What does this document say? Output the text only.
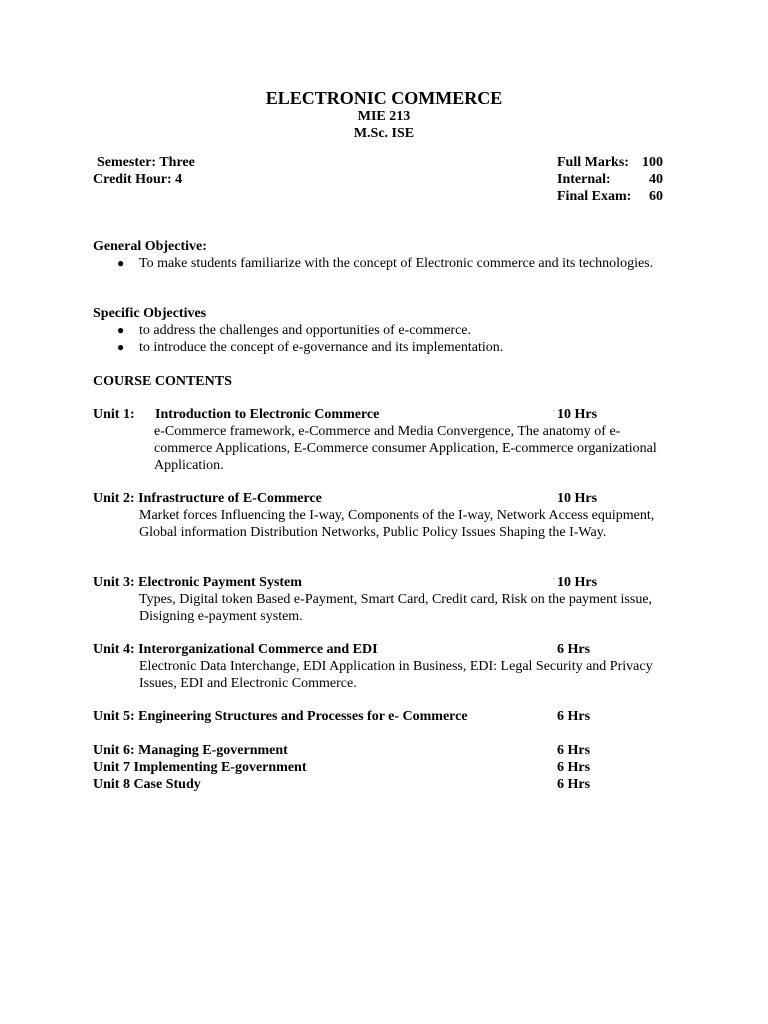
ELECTRONIC COMMERCE
MIE 213
M.Sc. ISE
Semester: Three
Credit Hour: 4
Full Marks: 100
Internal:	40
Final Exam: 60
General Objective:
● To make students familiarize with the concept of Electronic commerce and its technologies.
Specific Objectives
● to address the challenges and opportunities of e-commerce.
● to introduce the concept of e-governance and its implementation.
COURSE CONTENTS
Unit 1: Introduction to Electronic Commerce	10 Hrs
e-Commerce framework, e-Commerce and Media Convergence, The anatomy of e-commerce Applications, E-Commerce consumer Application, E-commerce organizational Application.
Unit 2: Infrastructure of E-Commerce	10 Hrs
Market forces Influencing the I-way, Components of the I-way, Network Access equipment, Global information Distribution Networks, Public Policy Issues Shaping the I-Way.
Unit 3: Electronic Payment System	10 Hrs
Types, Digital token Based e-Payment, Smart Card, Credit card, Risk on the payment issue, Disigning e-payment system.
Unit 4: Interorganizational Commerce and EDI	6 Hrs
Electronic Data Interchange, EDI Application in Business, EDI: Legal Security and Privacy Issues, EDI and Electronic Commerce.
Unit 5: Engineering Structures and Processes for e- Commerce	6 Hrs
Unit 6: Managing E-government	6 Hrs
Unit 7 Implementing E-government	6 Hrs
Unit 8 Case Study	6 Hrs
